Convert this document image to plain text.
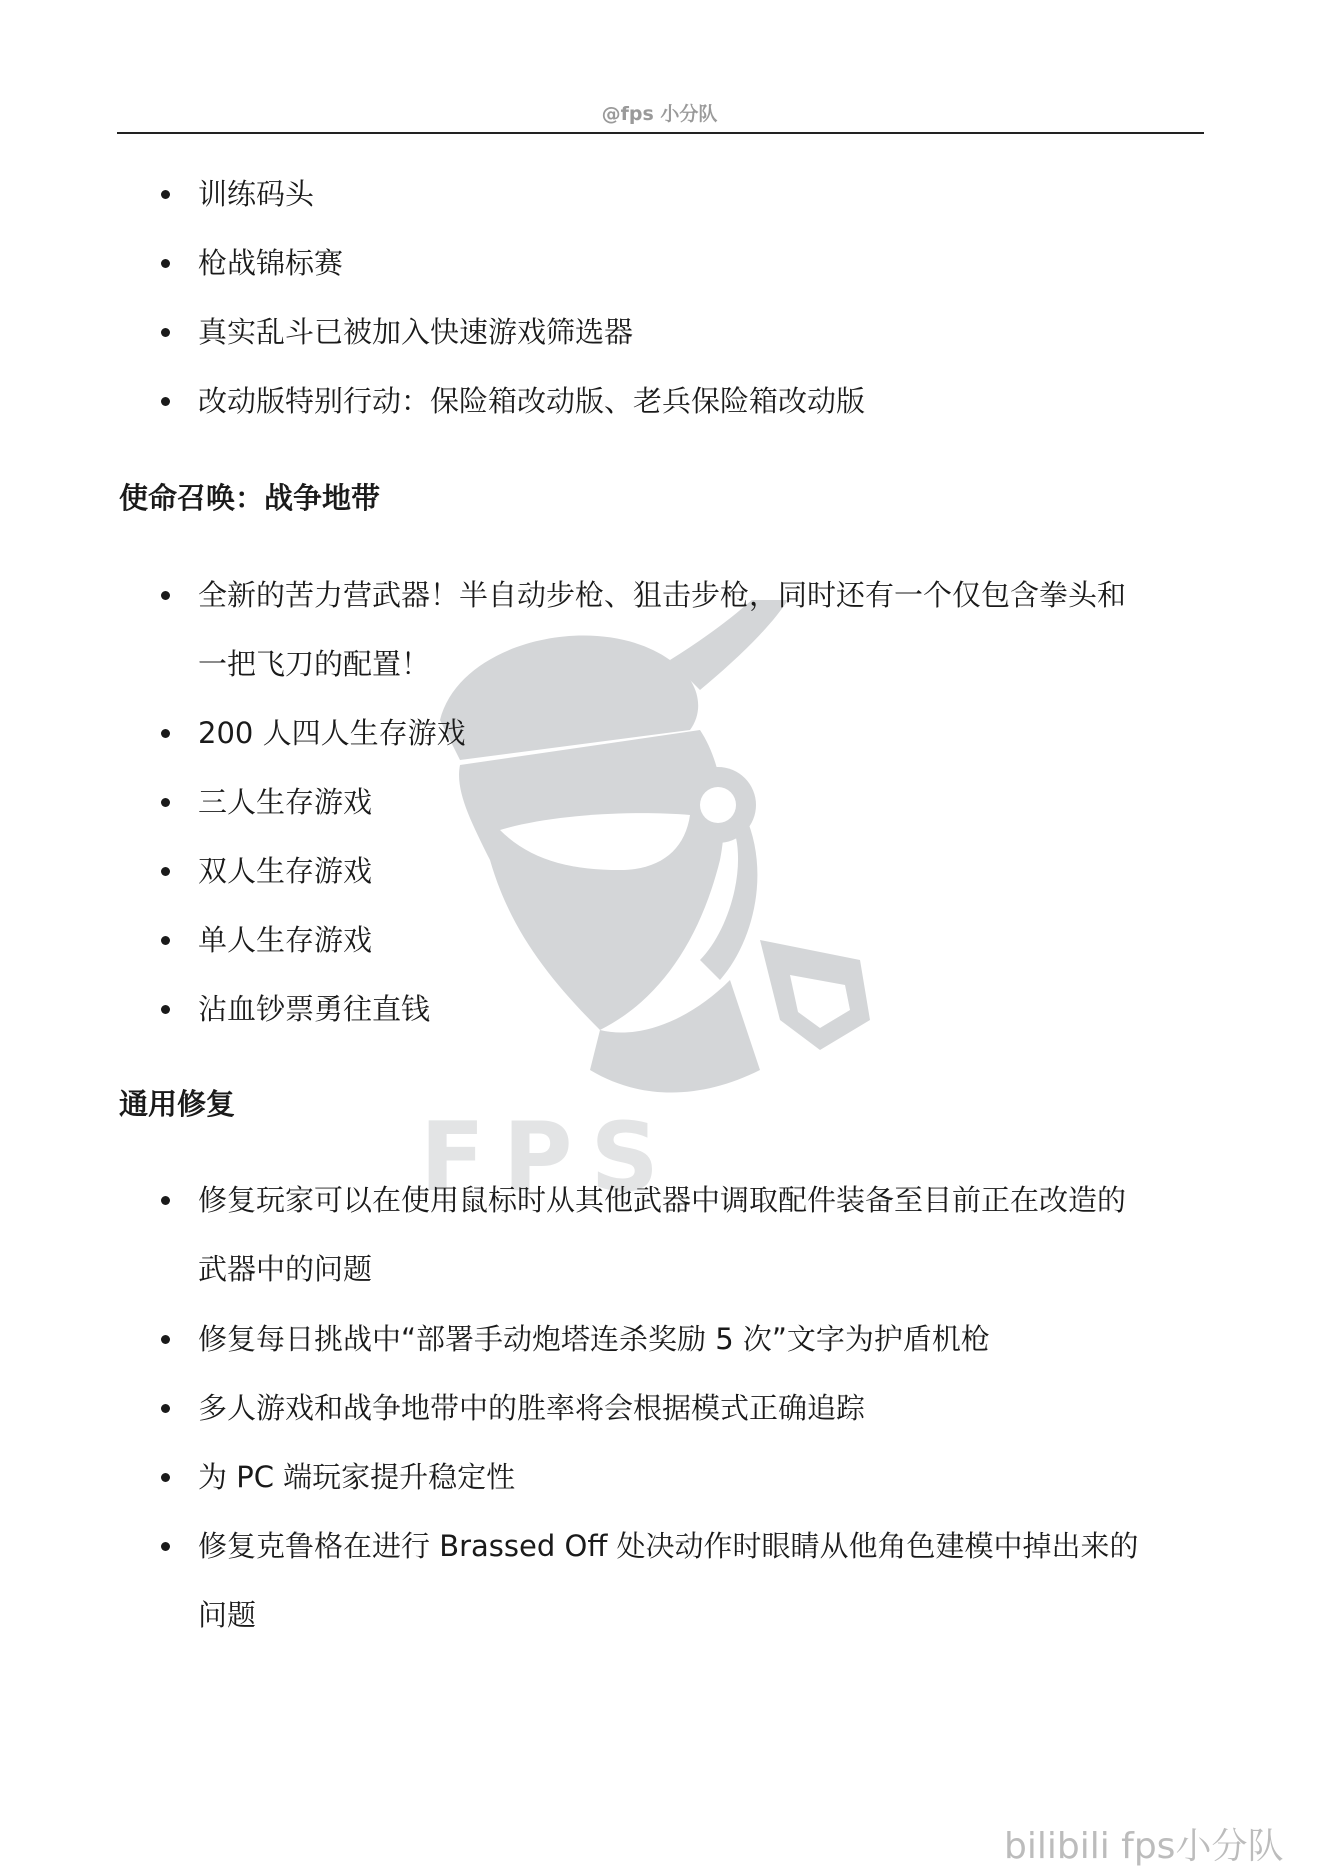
@fps 小分队
FPS
训练码头
枪战锦标赛
真实乱斗已被加入快速游戏筛选器
改动版特别行动：保险箱改动版、老兵保险箱改动版
使命召唤：战争地带
全新的苦力营武器！半自动步枪、狙击步枪，同时还有一个仅包含拳头和
一把飞刀的配置！
200 人四人生存游戏
三人生存游戏
双人生存游戏
单人生存游戏
沾血钞票勇往直钱
通用修复
修复玩家可以在使用鼠标时从其他武器中调取配件装备至目前正在改造的
武器中的问题
修复每日挑战中“部署手动炮塔连杀奖励 5 次”文字为护盾机枪
多人游戏和战争地带中的胜率将会根据模式正确追踪
为 PC 端玩家提升稳定性
修复克鲁格在进行 Brassed Off 处决动作时眼睛从他角色建模中掉出来的
问题
bilibili fps小分队
